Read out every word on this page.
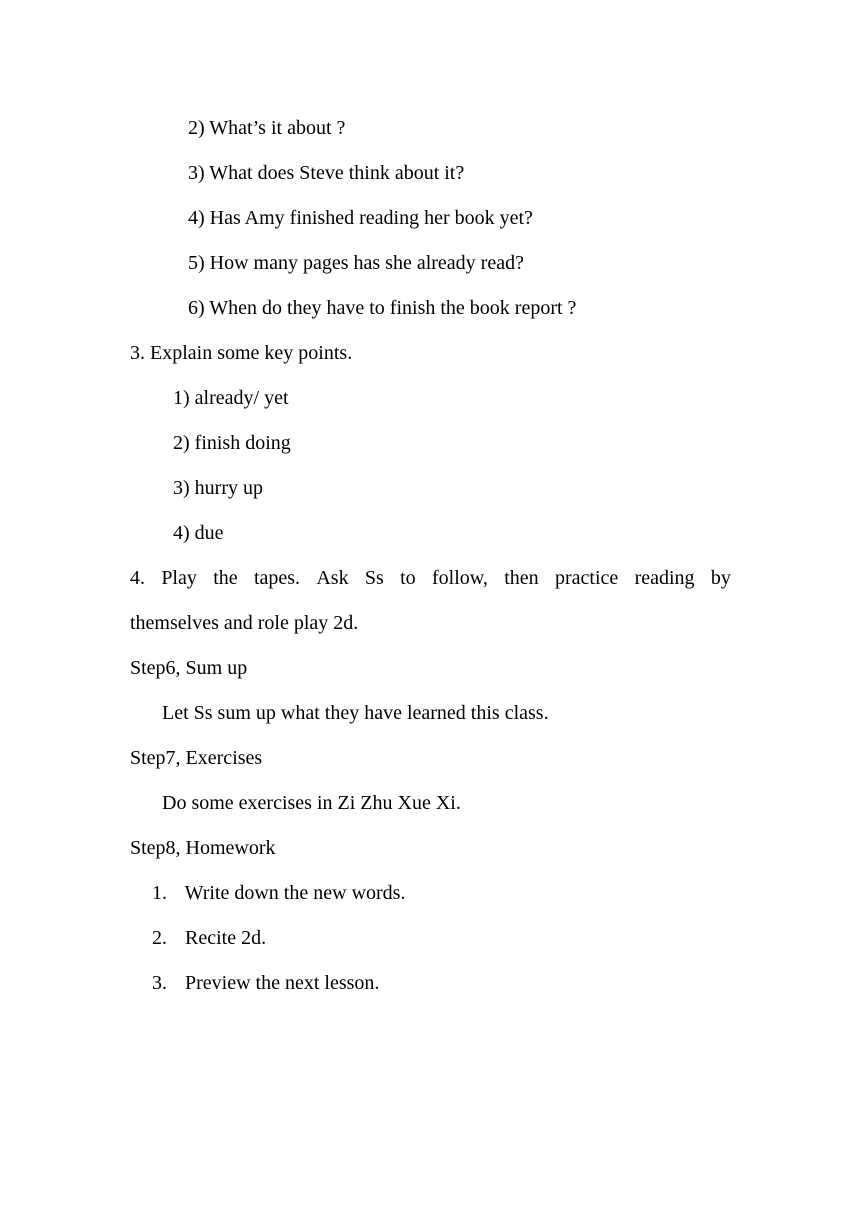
2) What’s it about ?
3) What does Steve think about it?
4) Has Amy finished reading her book yet?
5) How many pages has she already read?
6) When do they have to finish the book report ?
3. Explain some key points.
1) already/ yet
2) finish doing
3) hurry up
4) due
4. Play the tapes. Ask Ss to follow, then practice reading by
themselves and role play 2d.
Step6, Sum up
Let Ss sum up what they have learned this class.
Step7, Exercises
Do some exercises in Zi Zhu Xue Xi.
Step8, Homework
1. Write down the new words.
2. Recite 2d.
3. Preview the next lesson.
